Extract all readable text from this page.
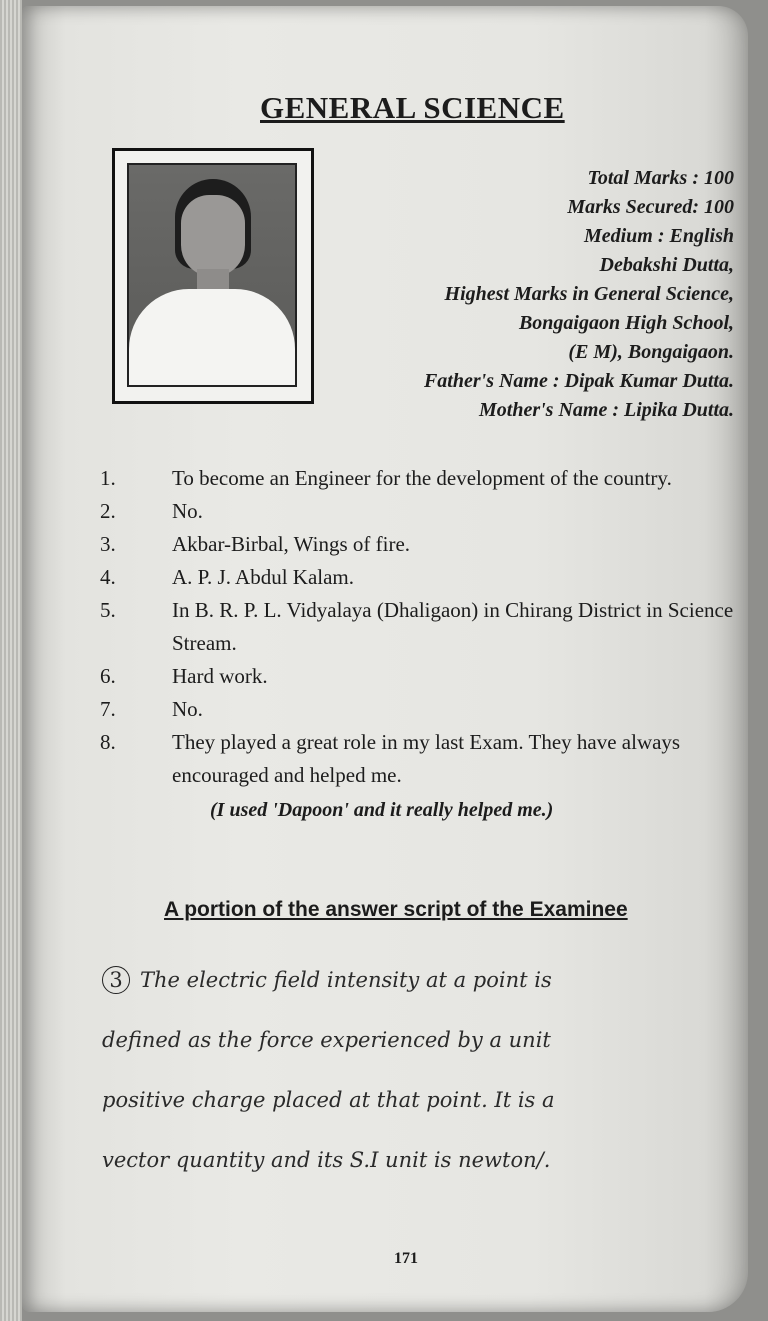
GENERAL SCIENCE
Total Marks : 100
Marks Secured: 100
Medium : English
Debakshi Dutta,
Highest Marks in General Science,
Bongaigaon High School,
(E M), Bongaigaon.
Father's Name : Dipak Kumar Dutta.
Mother's Name : Lipika Dutta.
1.	To become an Engineer for the development of the country.
2.	No.
3.	Akbar-Birbal, Wings of fire.
4.	A. P. J. Abdul Kalam.
5.	In B. R. P. L. Vidyalaya (Dhaligaon) in Chirang District in Science Stream.
6.	Hard work.
7.	No.
8.	They played a great role in my last Exam. They have always encouraged and helped me.
(I used 'Dapoon' and it really helped me.)
A portion of the answer script of the Examinee
3 The electric field intensity at a point is
defined as the force experienced by a unit
positive charge placed at that point. It is a
vector quantity and its S.I unit is newton/.
171
